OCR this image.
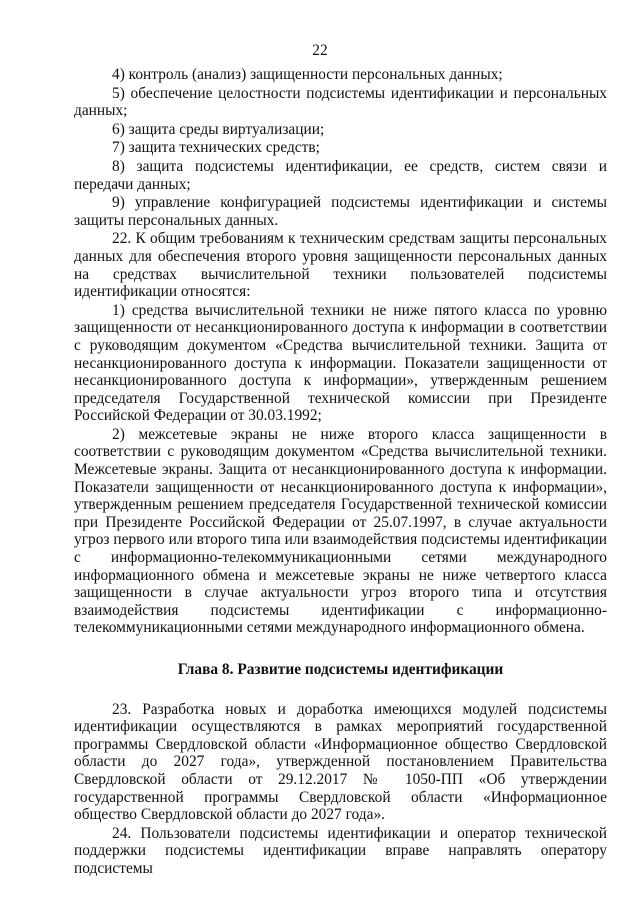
22

4) контроль (анализ) защищенности персональных данных;

5) обеспечение целостности подсистемы идентификации и персональных данных;

6) защита среды виртуализации;

7) защита технических средств;

8) защита подсистемы идентификации, ее средств, систем связи и передачи данных;

9) управление конфигурацией подсистемы идентификации и системы защиты персональных данных.

22. К общим требованиям к техническим средствам защиты персональных данных для обеспечения второго уровня защищенности персональных данных на средствах вычислительной техники пользователей подсистемы идентификации относятся:

1) средства вычислительной техники не ниже пятого класса по уровню защищенности от несанкционированного доступа к информации в соответствии с руководящим документом «Средства вычислительной техники. Защита от несанкционированного доступа к информации. Показатели защищенности от несанкционированного доступа к информации», утвержденным решением председателя Государственной технической комиссии при Президенте Российской Федерации от 30.03.1992;

2) межсетевые экраны не ниже второго класса защищенности в соответствии с руководящим документом «Средства вычислительной техники. Межсетевые экраны. Защита от несанкционированного доступа к информации. Показатели защищенности от несанкционированного доступа к информации», утвержденным решением председателя Государственной технической комиссии при Президенте Российской Федерации от 25.07.1997, в случае актуальности угроз первого или второго типа или взаимодействия подсистемы идентификации с информационно-телекоммуникационными сетями международного информационного обмена и межсетевые экраны не ниже четвертого класса защищенности в случае актуальности угроз второго типа и отсутствия взаимодействия подсистемы идентификации с информационно-телекоммуникационными сетями международного информационного обмена.

Глава 8. Развитие подсистемы идентификации

23. Разработка новых и доработка имеющихся модулей подсистемы идентификации осуществляются в рамках мероприятий государственной программы Свердловской области «Информационное общество Свердловской области до 2027 года», утвержденной постановлением Правительства Свердловской области от 29.12.2017 № 1050-ПП «Об утверждении государственной программы Свердловской области «Информационное общество Свердловской области до 2027 года».

24. Пользователи подсистемы идентификации и оператор технической поддержки подсистемы идентификации вправе направлять оператору подсистемы
